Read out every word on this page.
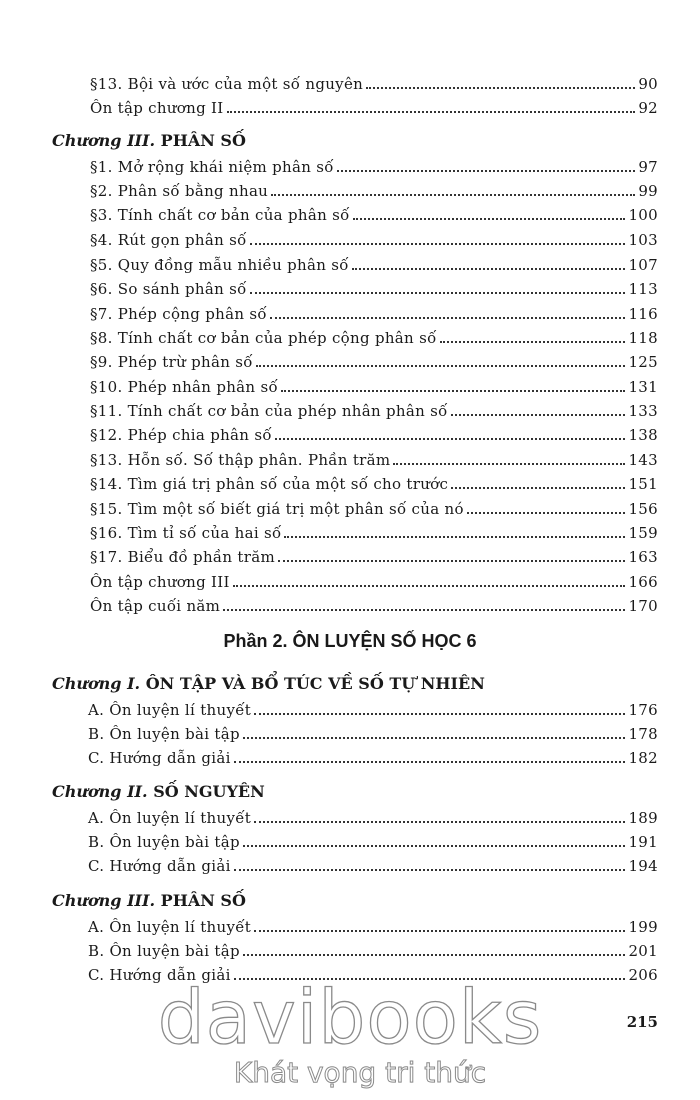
§13. Bội và ước của một số nguyên	90
Ôn tập chương II	92
Chương III. PHÂN SỐ
§1. Mở rộng khái niệm phân số	97
§2. Phân số bằng nhau	99
§3. Tính chất cơ bản của phân số	100
§4. Rút gọn phân số	103
§5. Quy đồng mẫu nhiều phân số	107
§6. So sánh phân số	113
§7. Phép cộng phân số	116
§8. Tính chất cơ bản của phép cộng phân số	118
§9. Phép trừ phân số	125
§10. Phép nhân phân số	131
§11. Tính chất cơ bản của phép nhân phân số	133
§12. Phép chia phân số	138
§13. Hỗn số. Số thập phân. Phần trăm	143
§14. Tìm giá trị phân số của một số cho trước	151
§15. Tìm một số biết giá trị một phân số của nó	156
§16. Tìm tỉ số của hai số	159
§17. Biểu đồ phần trăm	163
Ôn tập chương III	166
Ôn tập cuối năm	170
Phần 2. ÔN LUYỆN SỐ HỌC 6
Chương I. ÔN TẬP VÀ BỔ TÚC VỀ SỐ TỰ NHIÊN
A. Ôn luyện lí thuyết	176
B. Ôn luyện bài tập	178
C. Hướng dẫn giải	182
Chương II. SỐ NGUYÊN
A. Ôn luyện lí thuyết	189
B. Ôn luyện bài tập	191
C. Hướng dẫn giải	194
Chương III. PHÂN SỐ
A. Ôn luyện lí thuyết	199
B. Ôn luyện bài tập	201
C. Hướng dẫn giải	206
davibooks	215
Khát vọng tri thức
